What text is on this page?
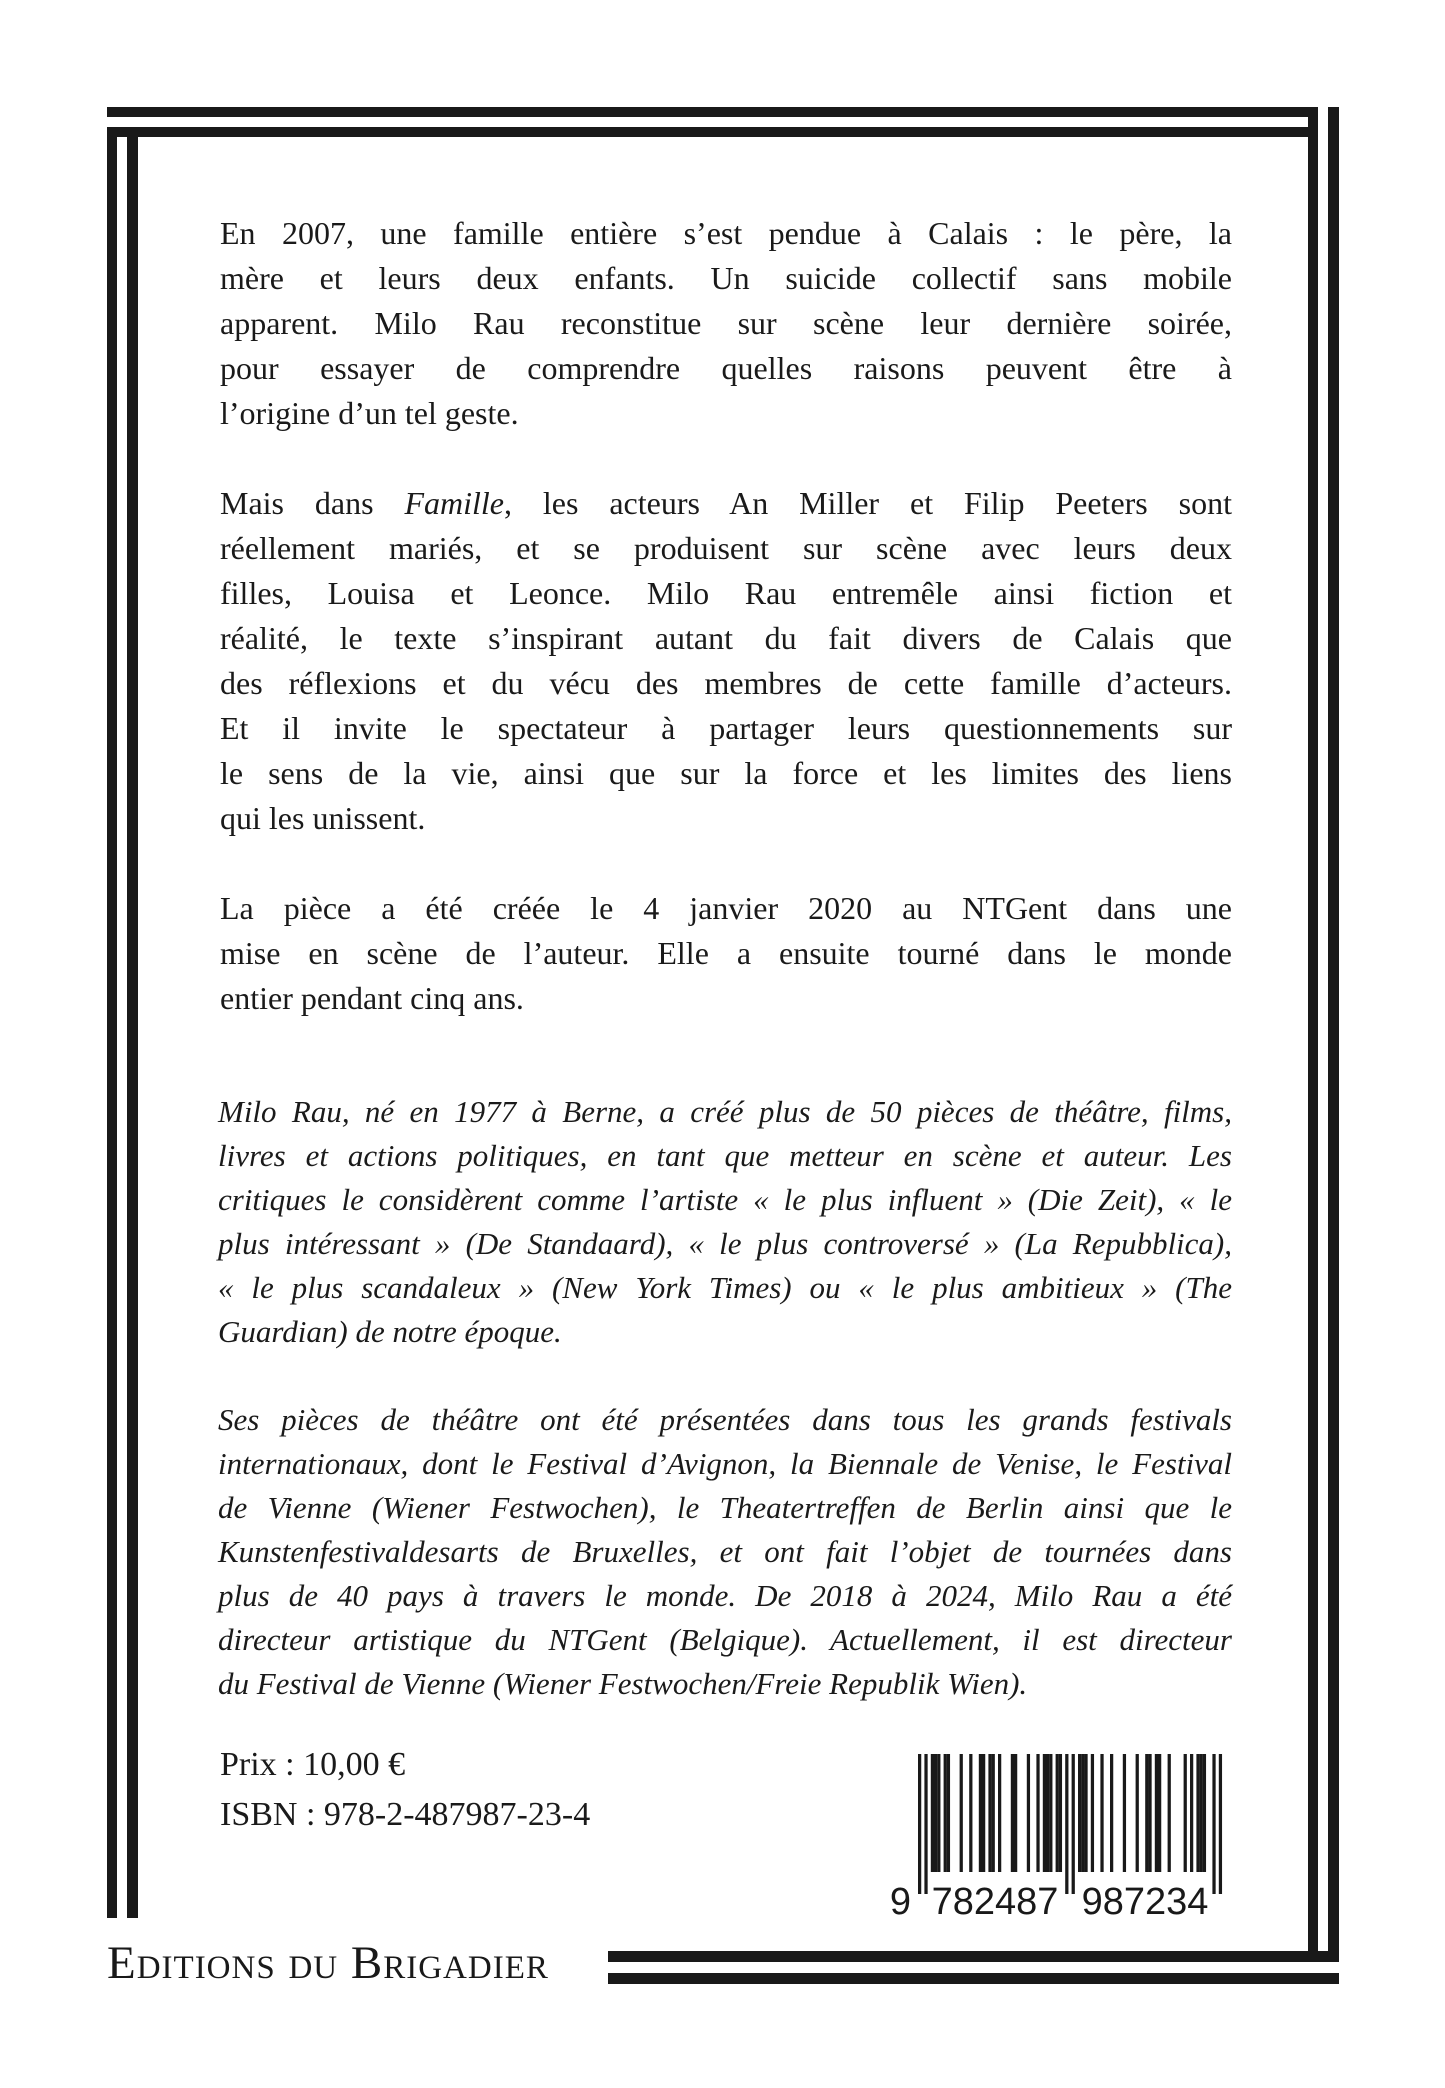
En 2007, une famille entière s’est pendue à Calais : le père, la
mère et leurs deux enfants. Un suicide collectif sans mobile
apparent. Milo Rau reconstitue sur scène leur dernière soirée,
pour essayer de comprendre quelles raisons peuvent être à
l’origine d’un tel geste.
Mais dans Famille, les acteurs An Miller et Filip Peeters sont
réellement mariés, et se produisent sur scène avec leurs deux
filles, Louisa et Leonce. Milo Rau entremêle ainsi fiction et
réalité, le texte s’inspirant autant du fait divers de Calais que
des réflexions et du vécu des membres de cette famille d’acteurs.
Et il invite le spectateur à partager leurs questionnements sur
le sens de la vie, ainsi que sur la force et les limites des liens
qui les unissent.
La pièce a été créée le 4 janvier 2020 au NTGent dans une
mise en scène de l’auteur. Elle a ensuite tourné dans le monde
entier pendant cinq ans.
Milo Rau, né en 1977 à Berne, a créé plus de 50 pièces de théâtre, films,
livres et actions politiques, en tant que metteur en scène et auteur. Les
critiques le considèrent comme l’artiste « le plus influent » (Die Zeit), « le
plus intéressant » (De Standaard), « le plus controversé » (La Repubblica),
« le plus scandaleux » (New York Times) ou « le plus ambitieux » (The
Guardian) de notre époque.
Ses pièces de théâtre ont été présentées dans tous les grands festivals
internationaux, dont le Festival d’Avignon, la Biennale de Venise, le Festival
de Vienne (Wiener Festwochen), le Theatertreffen de Berlin ainsi que le
Kunstenfestivaldesarts de Bruxelles, et ont fait l’objet de tournées dans
plus de 40 pays à travers le monde. De 2018 à 2024, Milo Rau a été
directeur artistique du NTGent (Belgique). Actuellement, il est directeur
du Festival de Vienne (Wiener Festwochen/Freie Republik Wien).
Prix : 10,00 €
ISBN : 978-2-487987-23-4
9 782487 987234
Editions du Brigadier
